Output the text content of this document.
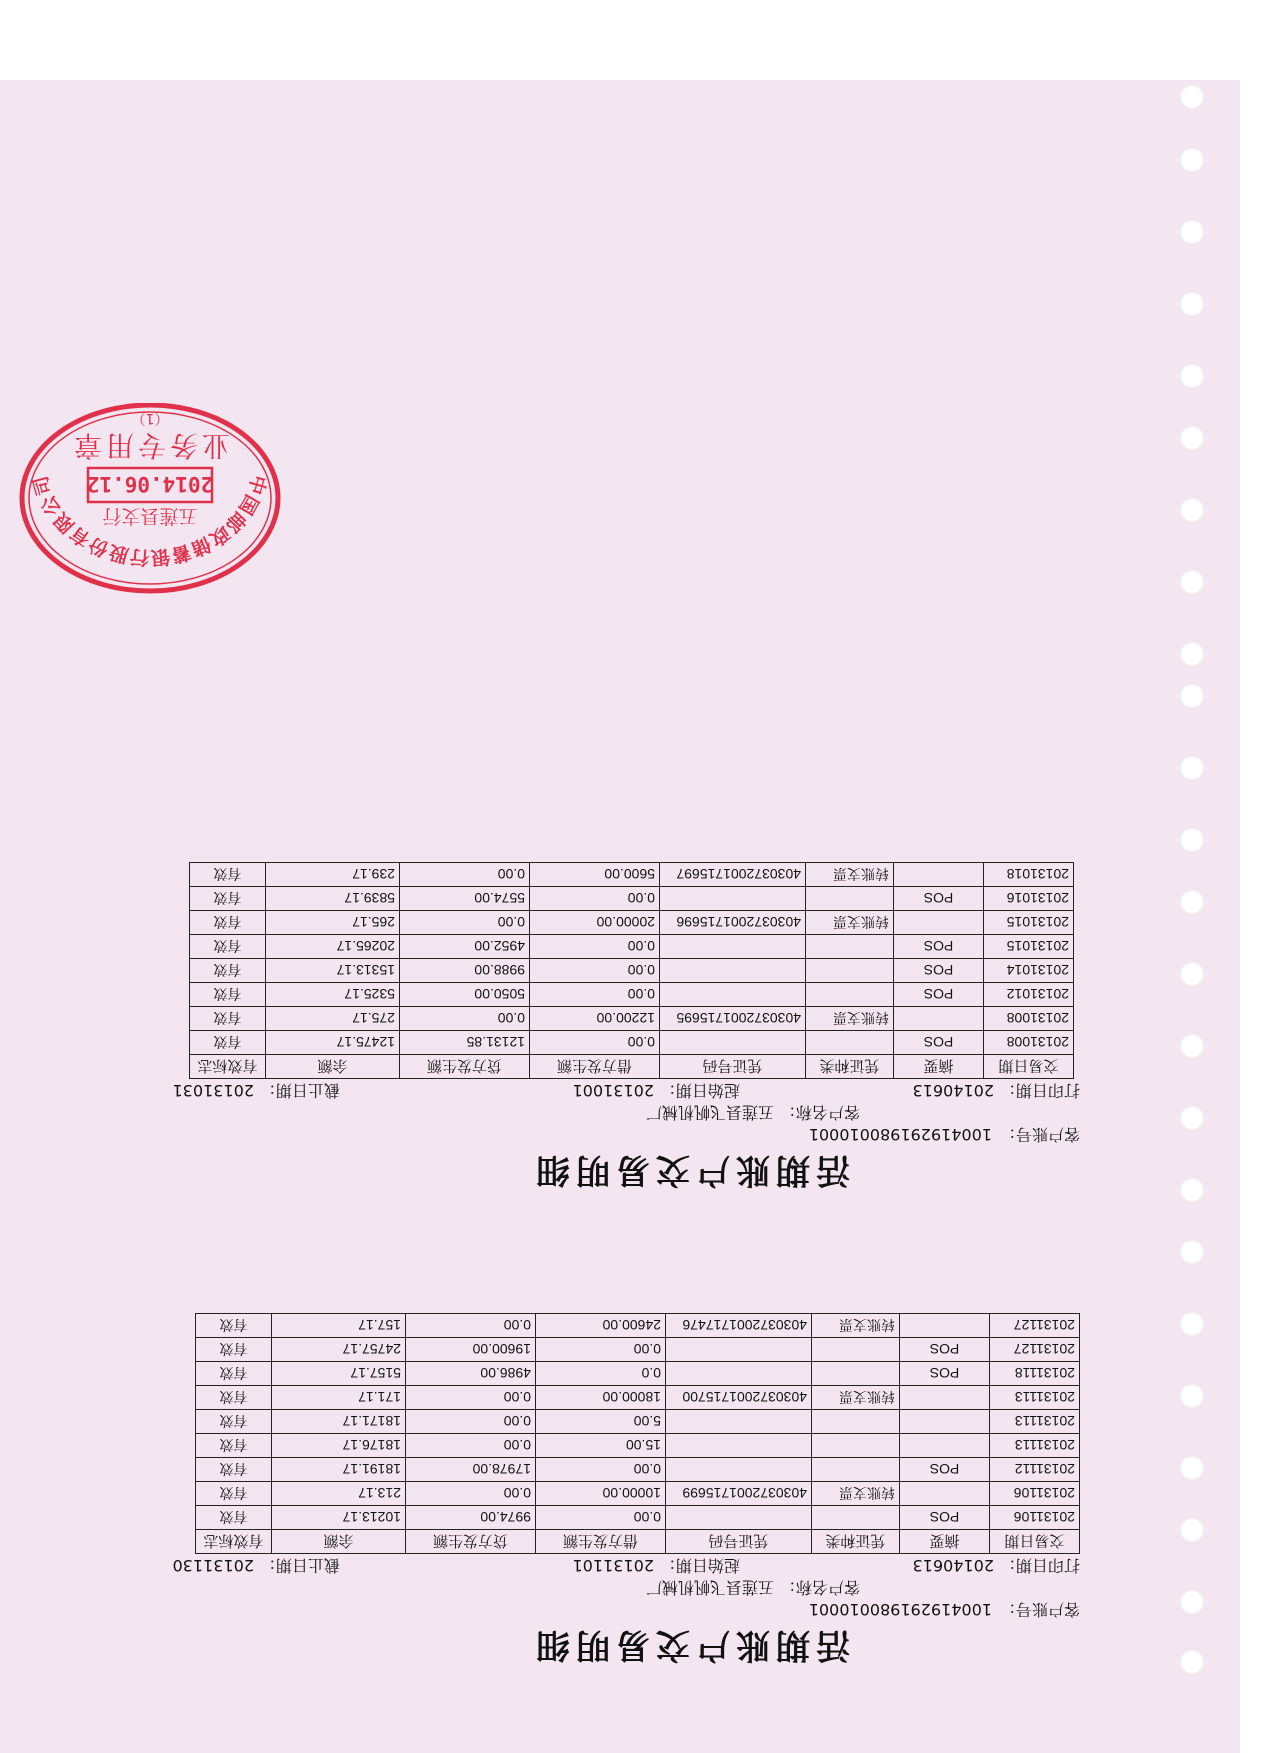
活期账户交易明细
客户账号：
100419291980010001
客户名称：
五莲县飞帆机械厂
打印日期：
20140613
起始日期：
20131101
截止日期：
20131130
交易日期	摘要	凭证种类	凭证号码	借方发生额	贷方发生额	余额	有效标志
20131106	POS			0.00	9974.00	10213.17	有效
20131106		转账支票	4030372001715699	10000.00	0.00	213.17	有效
20131112	POS			0.00	17978.00	18191.17	有效
20131113				15.00	0.00	18176.17	有效
20131113				5.00	0.00	18171.17	有效
20131113		转账支票	4030372001715700	18000.00	0.00	171.17	有效
20131118	POS			0.0	4986.00	5157.17	有效
20131127	POS			0.00	19600.00	24757.17	有效
20131127		转账支票	4030372001717476	24600.00	0.00	157.17	有效
活期账户交易明细
客户账号：
100419291980010001
客户名称：
五莲县飞帆机械厂
打印日期：
20140613
起始日期：
20131001
截止日期：
20131031
交易日期	摘要	凭证种类	凭证号码	借方发生额	贷方发生额	余额	有效标志
20131008	POS			0.00	12131.85	12475.17	有效
20131008		转账支票	4030372001715695	12200.00	0.00	275.17	有效
20131012	POS			0.00	5050.00	5325.17	有效
20131014	POS			0.00	9988.00	15313.17	有效
20131015	POS			0.00	4952.00	20265.17	有效
20131015		转账支票	4030372001715696	20000.00	0.00	265.17	有效
20131016	POS			0.00	5574.00	5839.17	有效
20131018		转账支票	4030372001715697	5600.00	0.00	239.17	有效
中国邮政储蓄银行股份有限公司
五莲县支行
2014.06.12
业务专用章
（1）
